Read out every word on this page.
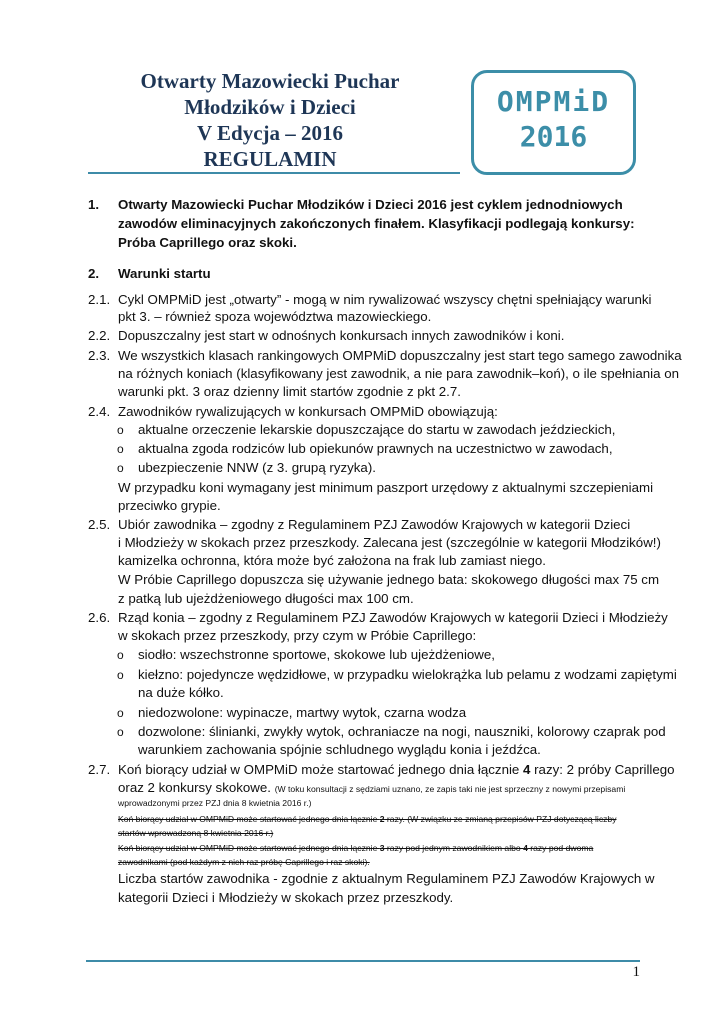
Otwarty Mazowiecki Puchar
Młodzików i Dzieci
V Edycja – 2016
REGULAMIN
OMPMiD
2016
1. Otwarty Mazowiecki Puchar Młodzików i Dzieci 2016 jest cyklem jednodniowych
zawodów eliminacyjnych zakończonych finałem. Klasyfikacji podlegają konkursy:
Próba Caprillego oraz skoki.
2. Warunki startu
2.1. Cykl OMPMiD jest „otwarty” - mogą w nim rywalizować wszyscy chętni spełniający warunki
pkt 3. – również spoza województwa mazowieckiego.
2.2. Dopuszczalny jest start w odnośnych konkursach innych zawodników i koni.
2.3. We wszystkich klasach rankingowych OMPMiD dopuszczalny jest start tego samego zawodnika
na różnych koniach (klasyfikowany jest zawodnik, a nie para zawodnik–koń), o ile spełniania on
warunki pkt. 3 oraz dzienny limit startów zgodnie z pkt 2.7.
2.4. Zawodników rywalizujących w konkursach OMPMiD obowiązują:
o aktualne orzeczenie lekarskie dopuszczające do startu w zawodach jeździeckich,
o aktualna zgoda rodziców lub opiekunów prawnych na uczestnictwo w zawodach,
o ubezpieczenie NNW (z 3. grupą ryzyka).
W przypadku koni wymagany jest minimum paszport urzędowy z aktualnymi szczepieniami
przeciwko grypie.
2.5. Ubiór zawodnika – zgodny z Regulaminem PZJ Zawodów Krajowych w kategorii Dzieci
i Młodzieży w skokach przez przeszkody. Zalecana jest (szczególnie w kategorii Młodzików!)
kamizelka ochronna, która może być założona na frak lub zamiast niego.
W Próbie Caprillego dopuszcza się używanie jednego bata: skokowego długości max 75 cm
z patką lub ujeżdżeniowego długości max 100 cm.
2.6. Rząd konia – zgodny z Regulaminem PZJ Zawodów Krajowych w kategorii Dzieci i Młodzieży
w skokach przez przeszkody, przy czym w Próbie Caprillego:
o siodło: wszechstronne sportowe, skokowe lub ujeżdżeniowe,
o kiełzno: pojedyncze wędzidłowe, w przypadku wielokrążka lub pelamu z wodzami zapiętymi
na duże kółko.
o niedozwolone: wypinacze, martwy wytok, czarna wodza
o dozwolone: ślinianki, zwykły wytok, ochraniacze na nogi, nauszniki, kolorowy czaprak pod
warunkiem zachowania spójnie schludnego wyglądu konia i jeźdźca.
2.7. Koń biorący udział w OMPMiD może startować jednego dnia łącznie 4 razy: 2 próby Caprillego
oraz 2 konkursy skokowe. (W toku konsultacji z sędziami uznano, ze zapis taki nie jest sprzeczny z nowymi przepisami
wprowadzonymi przez PZJ dnia 8 kwietnia 2016 r.)
Koń biorący udział w OMPMiD może startować jednego dnia łącznie 2 razy. (W związku ze zmianą przepisów PZJ dotyczącą liczby
startów wprowadzoną 8 kwietnia 2016 r.)
Koń biorący udział w OMPMiD może startować jednego dnia łącznie 3 razy pod jednym zawodnikiem albo 4 razy pod dwoma
zawodnikami (pod każdym z nich raz próbę Caprillego i raz skoki).
Liczba startów zawodnika - zgodnie z aktualnym Regulaminem PZJ Zawodów Krajowych w
kategorii Dzieci i Młodzieży w skokach przez przeszkody.
1
